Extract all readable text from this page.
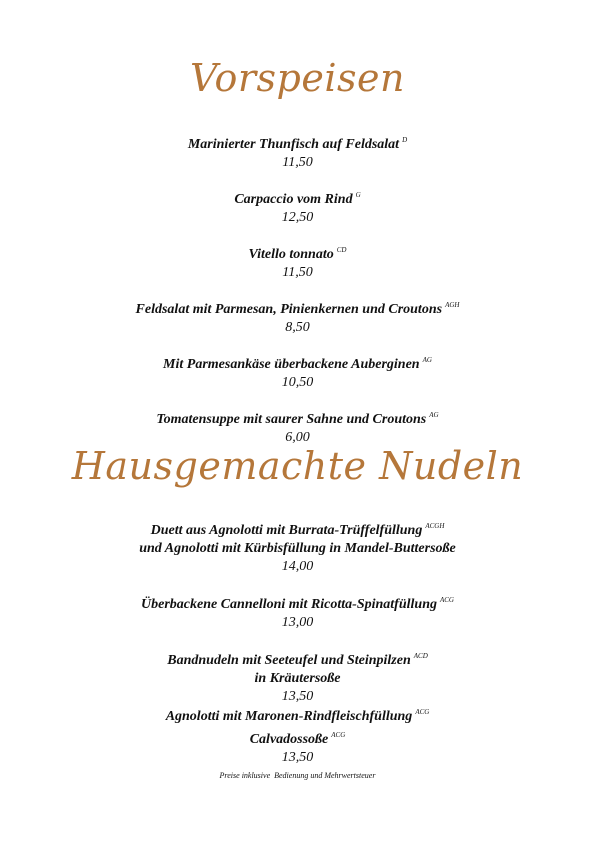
Vorspeisen
Marinierter Thunfisch auf Feldsalat $^D$
11,50
Carpaccio vom Rind $^G$
12,50
Vitello tonnato $^{CD}$
11,50
Feldsalat mit Parmesan, Pinienkernen und Croutons $^{AGH}$
8,50
Mit Parmesankäse überbackene Auberginen $^{AG}$
10,50
Tomatensuppe mit saurer Sahne und Croutons $^{AG}$
6,00
Hausgemachte Nudeln
Duett aus Agnolotti mit Burrata-Trüffelfüllung $^{ACGH}$
und Agnolotti mit Kürbisfüllung in Mandel-Buttersoße
14,00
Überbackene Cannelloni mit Ricotta-Spinatfüllung $^{ACG}$
13,00
Bandnudeln mit Seeteufel und Steinpilzen $^{ACD}$
in Kräutersoße
13,50
Agnolotti mit Maronen-Rindfleischfüllung $^{ACG}$
Calvadossoße $^{ACG}$
13,50
Preise inklusive  Bedienung und Mehrwertsteuer
